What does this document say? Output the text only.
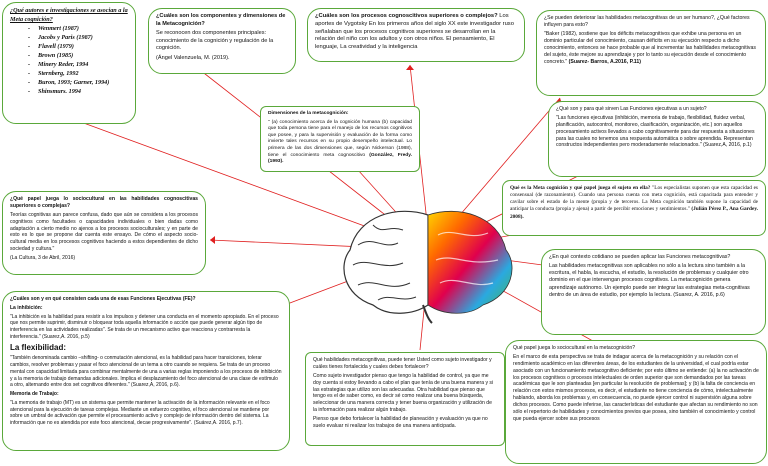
¿Qué autores e investigaciones se asocian a la Meta cognición?
- Wenmert (1987)
- Jacobs y Paris (1987)
- Flavell (1979)
- Brown (1985)
- Minery Reder, 1994
- Sternberg, 1992
- Buron, 1993; Garner, 1994)
- Shinsmurs. 1994

¿Cuáles son los componentes y dimensiones de la Metacognición?

Se reconocen dos componentes principales: conocimiento de la cognición y regulación de la cognición.

(Ángel Valenzuela, M. (2019).

¿Cuáles son los procesos cognoscitivos superiores o complejos? Los aportes de Vygotsky En los primeros años del siglo XX este investigador ruso señalaban que los procesos cognitivos superiores se desarrollan en la relación del niño con los adultos y con otros niños. El pensamiento, El lenguaje, La creatividad y la inteligencia

¿Se pueden deteriorar las habilidades metacognitivas de un ser humano?, ¿Qué factores influyen para esto?

"Baker (1982), sostiene que los déficits metacognitivos que exhibe una persona en un dominio particular del conocimiento, causan déficits en su ejecución respecto a dicho conocimiento, entonces se hace probable que al incrementar las habilidades metacognitivas del sujeto, éste mejore su aprendizaje y por lo tanto su ejecución desde el conocimiento concreto." (Suarez- Barros, A.2016, P.11)

Dimensiones de la metacognición:

" (a) conocimiento acerca de la cognición humana (b) capacidad que toda persona tiene para el manejo de los recursos cognitivos que posee, y para la supervisión y evaluación de la forma como invierte tales recursos en su propio desempeño intelectual. Lo primera de las dos dimensiones que, según Nickerson (1988), tiene el conocimiento meta cognoscitivo (González, Fredy. (1993).

¿Qué son y para qué sirven Las Funciones ejecutivas a un sujeto?

"Las funciones ejecutivas (inhibición, memoria de trabajo, flexibilidad, fluidez verbal, planificación, autocontrol, monitoreo, clasificación, organización, etc.) son aquellos procesamiento activos llevados a cabo cognitivamente para dar respuesta a situaciones para las cuales no tenemos una respuesta automática o sobre aprendida. Representan constructos independientes pero moderadamente relacionados." (Suarez,A, 2016, p.1)

¿Qué papel juega lo sociocultural en las habilidades cognoscitivas superiores o complejas?

Teorías cognitivas aun parece confusa, dado que aún se considera a los procesos cognitivos como facultades o capacidades individuales o bien dadas como adaptación a cierto medio no ajenos a los procesos socioculturales; y en parte de esto es lo que se propone dar cuenta este ensayo. De cómo el aspecto socio-cultural media en los procesos cognitivos haciendo a estos dependientes de dicho sociedad y cultura."

(La Cultura, 3 de Abril, 2016)

Qué es la Meta cognición y qué papel juega el sujeto en ella? "Los especialistas suponen que esta capacidad es consensual (de razonamiento). Cuando una persona cuenta con meta cognición, está capacitada para entender y cavilar sobre el estado de la mente (propia y de terceros. La Meta cognición también supone la capacidad de anticipar la conducta (propia y ajena) a partir de percibir emociones y sentimientos." (Julián Pérez P., Ana Gardey. 2008).

¿En qué contexto cotidiano se pueden aplicar las Funciones metacognitivas?

Las habilidades metacognitivas son aplicables no sólo a la lectura sino también a la escritura, el habla, la escucha, el estudio, la resolución de problemas y cualquier otro dominio en el que intervengan procesos cognitivos. La metacognición genera aprendizaje autónomo. Un ejemplo puede ser integrar las estrategias meta-cognitivas dentro de un área de estudio, por ejemplo la lectura. (Suarez, A. 2016, p.6)

¿Cuáles son y en qué consisten cada una de esas Funciones Ejecutivas (FE)?

La inhibición:

"La inhibición es la habilidad para resistir a los impulsos y detener una conducta en el momento apropiado. En el proceso que nos permite suprimir, disminuir o bloquear toda aquella información o acción que puede generar algún tipo de interferencia en las actividades realizadas". Se trata de un mecanismo activo que reacciona y contrarresta la interferencia." (Suarez,A. 2016, p.5)

La flexibilidad:

"También denominada cambio –shifting- o conmutación atencional, es la habilidad para hacer transiciones, tolerar cambios, resolver problemas y pasar el foco atencional de un tema a otro cuando se requiera. Se trata de un proceso mental con capacidad limitada para combinar mentalmente de una a varias reglas imponiendo a los procesos de inhibición y a la memoria de trabajo demandas adicionales. Implica el desplazamiento del foco atencional de una clase de estímulo a otro, alternando entre dos set cognitivos diferentes." (Suarez,A, 2016, p.6).

Memoria de Trabajo:

"La memoria de trabajo (MT) es un sistema que permite mantener la activación de la información relevante en el foco atencional para la ejecución de tareas complejas. Mediante un esfuerzo cognitivo, el foco atencional se mantiene por sobre un umbral de activación que permite el procesamiento activo y complejo de información dentro del sistema. La información que no es atendida por este foco atencional, decae progresivamente". (Suárez,A. 2016, p.7).

Qué habilidades metacognitivas, puede tener Usted como sujeto investigador y cuáles tienes fortalecida y cuales debes fortalecer?

Como sujeto investigador pienso que tengo la habilidad de control, ya que me doy cuenta si estoy llevando a cabo el plan que tenía de una buena manera y si las estrategias que utilizo son las adecuadas. Otra habilidad que pienso que tengo es el de saber como, es decir sé como realizar una buena búsqueda, seleccionar de una manera correcta y tener buena organización y utilización de la información para realizar algún trabajo.

Pienso que debo fortalecer la habilidad de planeación y evaluación ya que no suelo evaluar ni realizar los trabajos de una manera anticipada.

Qué papel juega lo sociocultural en la metacognición?

En el marco de esta perspectiva se trata de indagar acerca de la metacognición y su relación con el rendimiento académico en las diferentes áreas, de los estudiantes de la universidad, el cual podría estar asociado con un funcionamiento metacognitivo deficiente; por esto último se entiende: (a) la no activación de los procesos cognitivos o procesos intelectuales de orden superior que son demandados por las tareas académicas que le son planteadas [en particular la resolución de problemas]; y (b) la falta de conciencia en relación con estos mismos procesos, es decir, el estudiante no tiene conciencia de cómo, intelectualmente hablando, aborda los problemas y, en consecuencia, no puede ejercer control ni supervisión alguna sobre dichos procesos. Como puede inferirse, las características del estudiante que afectan su rendimiento no son sólo el repertorio de habilidades y conocimientos previos que posea, sino también el conocimiento y control que pueda ejercer sobre sus procesos
